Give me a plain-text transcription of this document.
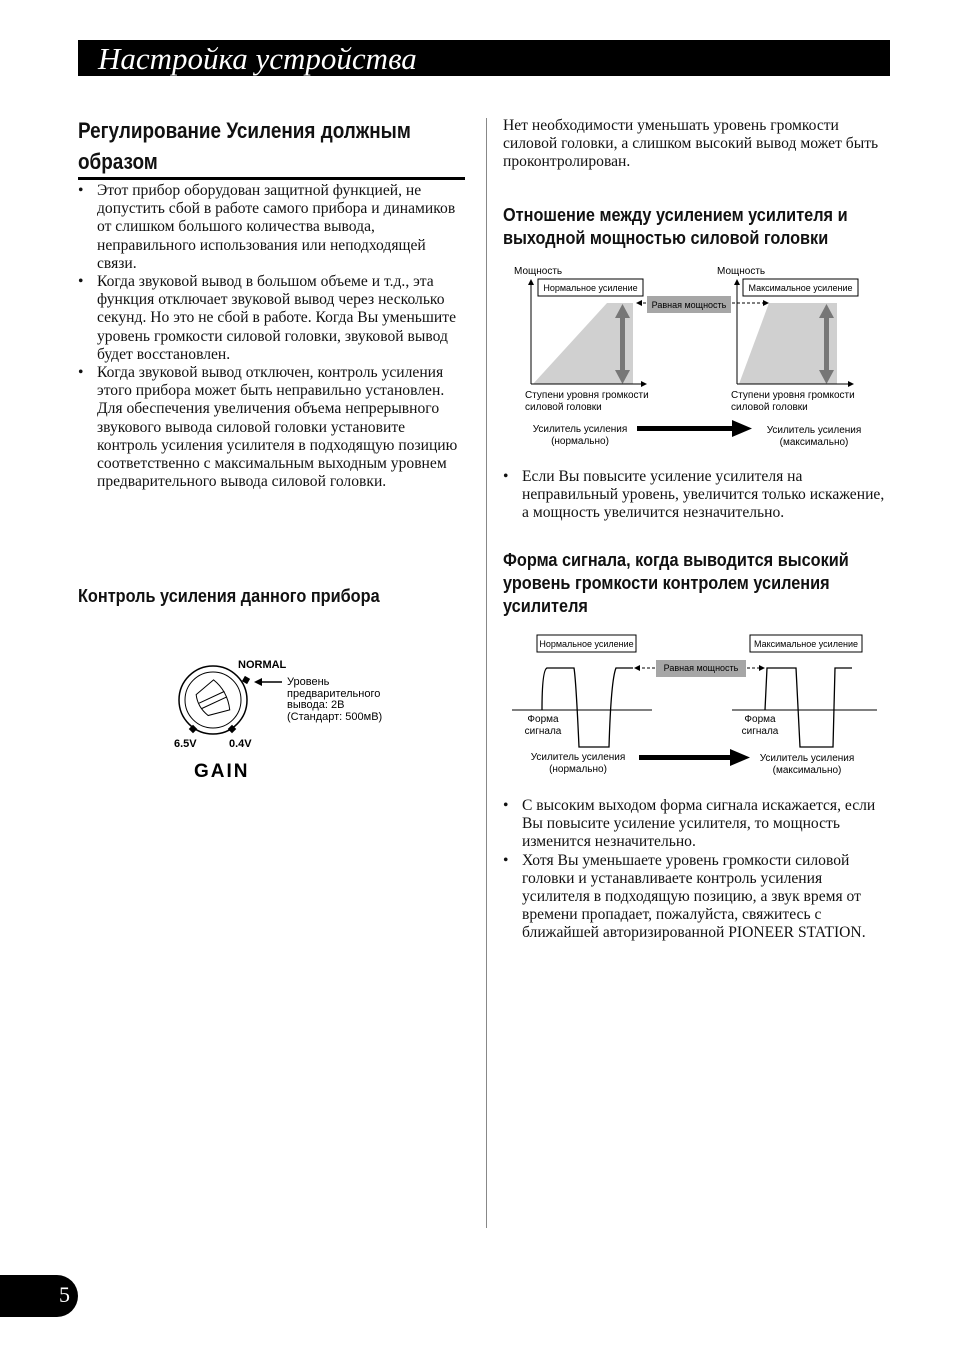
Настройка устройства
Регулирование Усиления должным образом
• Этот прибор оборудован защитной функцией, не допустить сбой в работе самого прибора и динамиков от слишком большого количества вывода, неправильного использования или неподходящей связи.
• Когда звуковой вывод в большом объеме и т.д., эта функция отключает звуковой вывод через несколько секунд. Но это не сбой в работе. Когда Вы уменьшите уровень громкости силовой головки, звуковой вывод будет восстановлен.
• Когда звуковой вывод отключен, контроль усиления этого прибора может быть неправильно установлен. Для обеспечения увеличения объема непрерывного звукового вывода силовой головки установите контроль усиления усилителя в подходящую позицию соответственно с максимальным выходным уровнем предварительного вывода силовой головки.
Контроль усиления данного прибора
NORMAL
Уровень
предварительного
вывода: 2В
(Стандарт: 500мВ)
6.5V	0.4V
GAIN
Нет необходимости уменьшать уровень громкости силовой головки, а слишком высокий вывод может быть проконтролирован.
Отношение между усилением усилителя и выходной мощностью силовой головки
Нормальное усиление
Мощность
Ступени уровня громкости
силовой головки
Равная мощность
Максимальное усиление
Мощность
Ступени уровня громкости
силовой головки
Усилитель усиления
(нормально)
Усилитель усиления
(максимально)
• Если Вы повысите усиление усилителя на неправильный уровень, увеличится только искажение, а мощность увеличится незначительно.
Форма сигнала, когда выводится высокий уровень громкости контролем усиления усилителя
Нормальное усиление	Максимальное усиление
Равная мощность
Форма
сигнала
Форма
сигнала
Усилитель усиления
(нормально)
Усилитель усиления
(максимально)
• С высоким выходом форма сигнала искажается, если Вы повысите усиление усилителя, то мощность изменится незначительно.
• Хотя Вы уменьшаете уровень громкости силовой головки и устанавливаете контроль усиления усилителя в подходящую позицию, а звук время от времени пропадает, пожалуйста, свяжитесь с ближайшей авторизированной PIONEER STATION.
5
